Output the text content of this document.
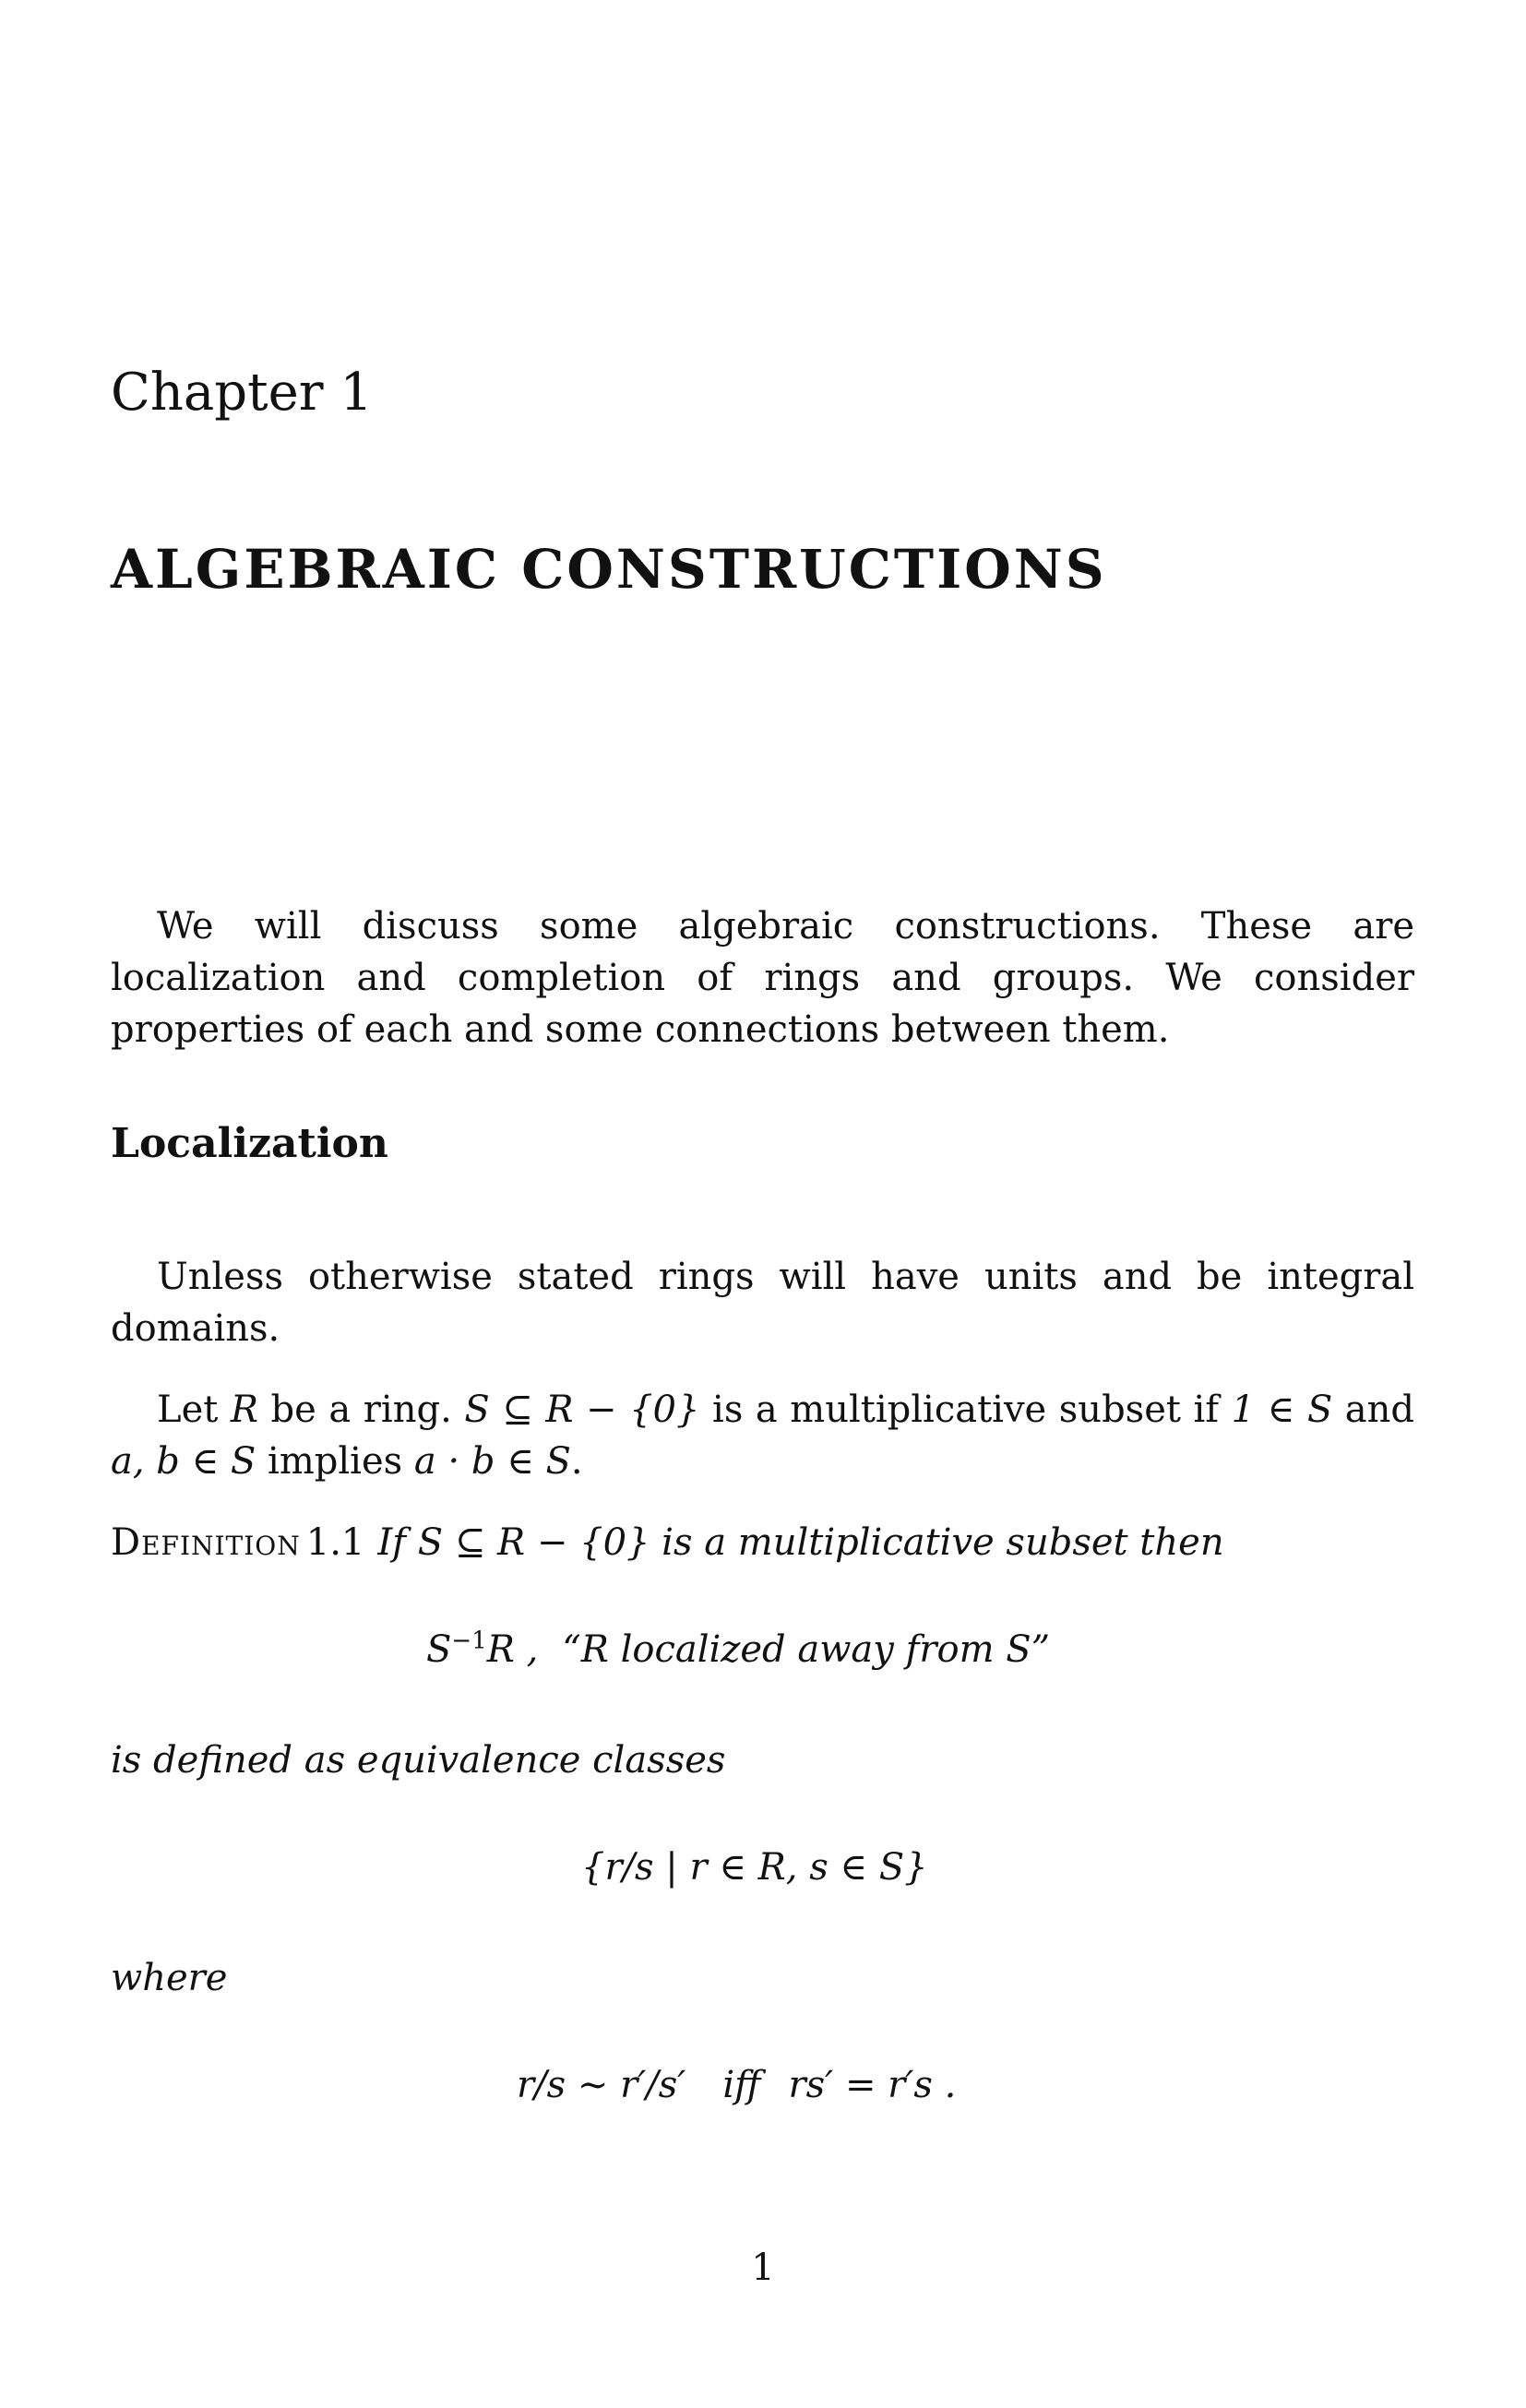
Chapter 1
ALGEBRAIC CONSTRUCTIONS
We will discuss some algebraic constructions. These are localization and completion of rings and groups. We consider properties of each and some connections between them.
Localization
Unless otherwise stated rings will have units and be integral domains.
Let R be a ring. S ⊆ R − {0} is a multiplicative subset if 1 ∈ S and a, b ∈ S implies a · b ∈ S.
Definition 1.1 If S ⊆ R − {0} is a multiplicative subset then
$S^{-1}R$ , “R localized away from S”
is defined as equivalence classes
{r/s | r ∈ R, s ∈ S}
where
r/s ∼ r′/s′ iff rs′ = r′s .
1
